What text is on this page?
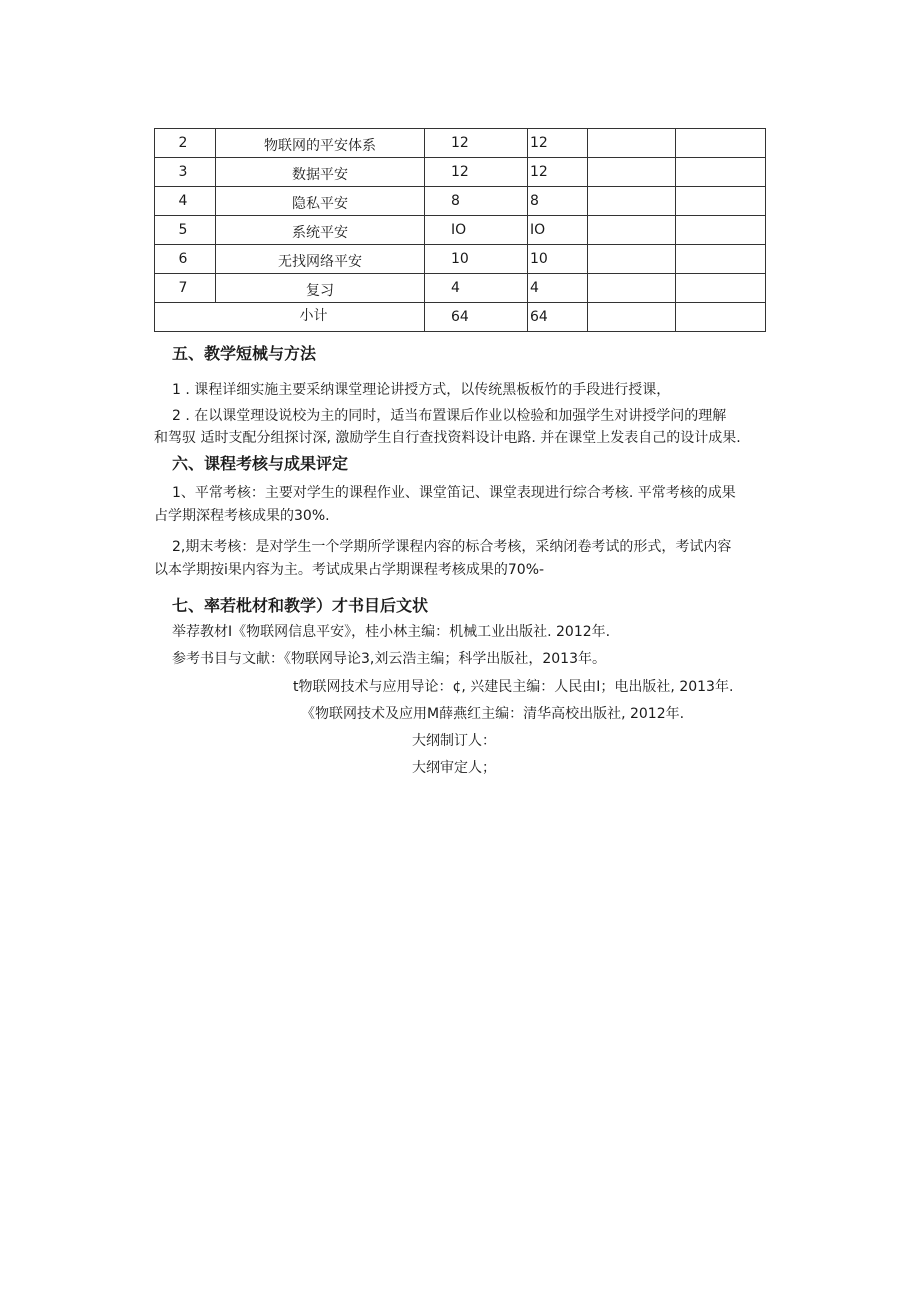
2	物联网的平安体系	12	12		
3	数据平安	12	12		
4	隐私平安	8	8		
5	系统平安	IO	IO		
6	无找网络平安	10	10		
7	复习	4	4		
小计		64	64		
五、教学短械与方法
1 . 课程详细实施主要采纳课堂理论讲授方式，以传统黑板板竹的手段进行授课，
2 . 在以课堂理设说校为主的同时，适当布置课后作业以检验和加强学生对讲授学问的理解
和驾驭 适时支配分组探讨深, 激励学生自行查找资料设计电路. 并在课堂上发表自己的设计成果.
六、课程考核与成果评定
1、平常考核：主要对学生的课程作业、课堂笛记、课堂表现进行综合考核. 平常考核的成果
占学期深程考核成果的30%.
2,期末考核：是对学生一个学期所学课程内容的标合考核，采纳闭卷考试的形式，考试内容
以本学期按i果内容为主。考试成果占学期课程考核成果的70%-
七、率若枇材和教学）才书目后文状
举荐教材I《物联网信息平安》，桂小林主编：机械工业出版社. 2012年.
参考书目与文献：《物联网导论3,刘云浩主编；科学出版社，2013年。
t物联网技术与应用导论：¢, 兴建民主编：人民由I；电出版社, 2013年.
《物联网技术及应用M薛燕红主编：清华高校出版社, 2012年.
大纲制订人：
大纲审定人；
